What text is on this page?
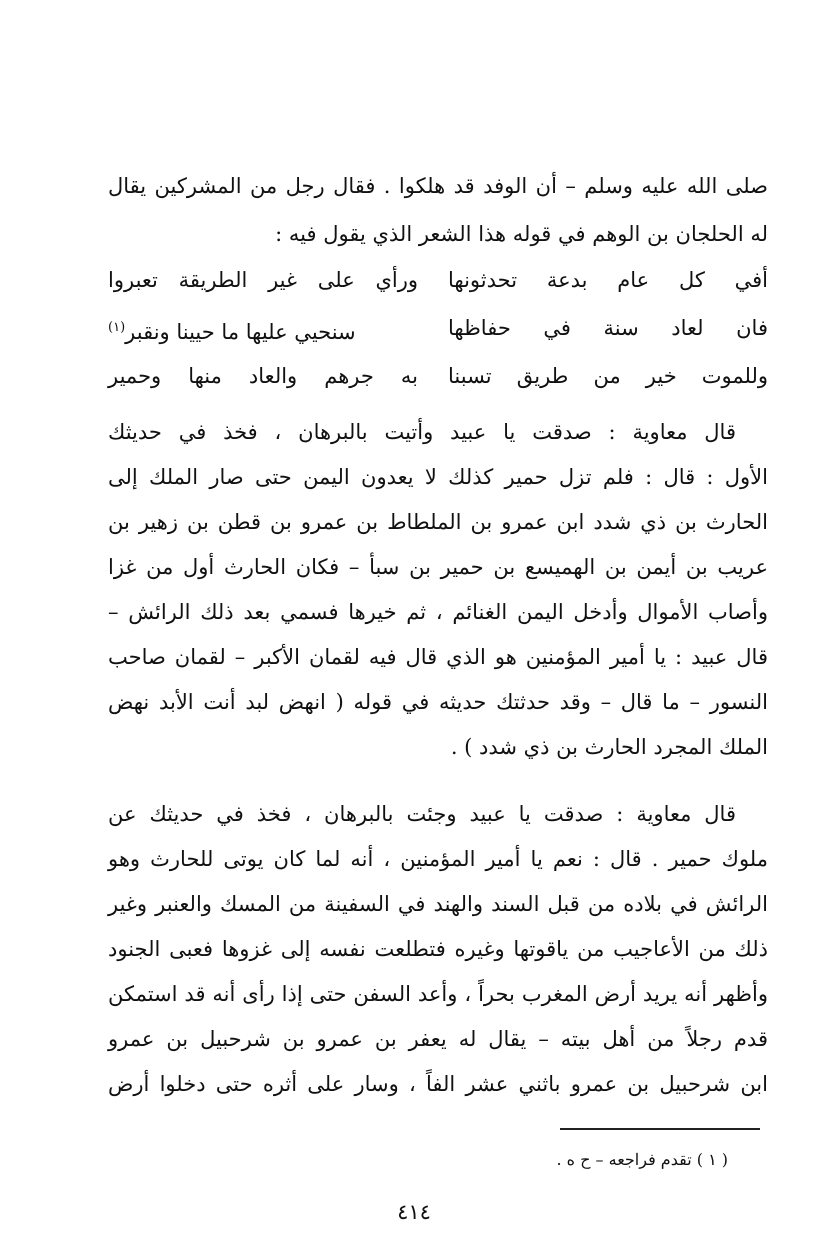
صلى الله عليه وسلم – أن الوفد قد هلكوا . فقال رجل من المشركين يقال
له الحلجان بن الوهم في قوله هذا الشعر الذي يقول فيه :
أفي كل عام بدعة تحدثونها
ورأي على غير الطريقة تعبروا
فان لعاد سنة في حفاظها
سنحيي عليها ما حيينا ونقبر$^{(١)}$
وللموت خير من طريق تسبنا
به جرهم والعاد منها وحمير
قال معاوية : صدقت يا عبيد وأتيت بالبرهان ، فخذ في حديثك
الأول : قال : فلم تزل حمير كذلك لا يعدون اليمن حتى صار الملك إلى
الحارث بن ذي شدد ابن عمرو بن الملطاط بن عمرو بن قطن بن زهير بن
عريب بن أيمن بن الهميسع بن حمير بن سبأ – فكان الحارث أول من غزا
وأصاب الأموال وأدخل اليمن الغنائم ، ثم خيرها فسمي بعد ذلك الرائش –
قال عبيد : يا أمير المؤمنين هو الذي قال فيه لقمان الأكبر – لقمان صاحب
النسور – ما قال – وقد حدثتك حديثه في قوله ( انهض لبد أنت الأبد نهض
الملك المجرد الحارث بن ذي شدد ) .
قال معاوية : صدقت يا عبيد وجئت بالبرهان ، فخذ في حديثك عن
ملوك حمير . قال : نعم يا أمير المؤمنين ، أنه لما كان يوتى للحارث وهو
الرائش في بلاده من قبل السند والهند في السفينة من المسك والعنبر وغير
ذلك من الأعاجيب من ياقوتها وغيره فتطلعت نفسه إلى غزوها فعبى الجنود
وأظهر أنه يريد أرض المغرب بحراً ، وأعد السفن حتى إذا رأى أنه قد استمكن
قدم رجلاً من أهل بيته – يقال له يعفر بن عمرو بن شرحبيل بن عمرو
ابن شرحبيل بن عمرو باثني عشر الفاً ، وسار على أثره حتى دخلوا أرض
( ١ ) تقدم فراجعه – ح ه .
٤١٤
